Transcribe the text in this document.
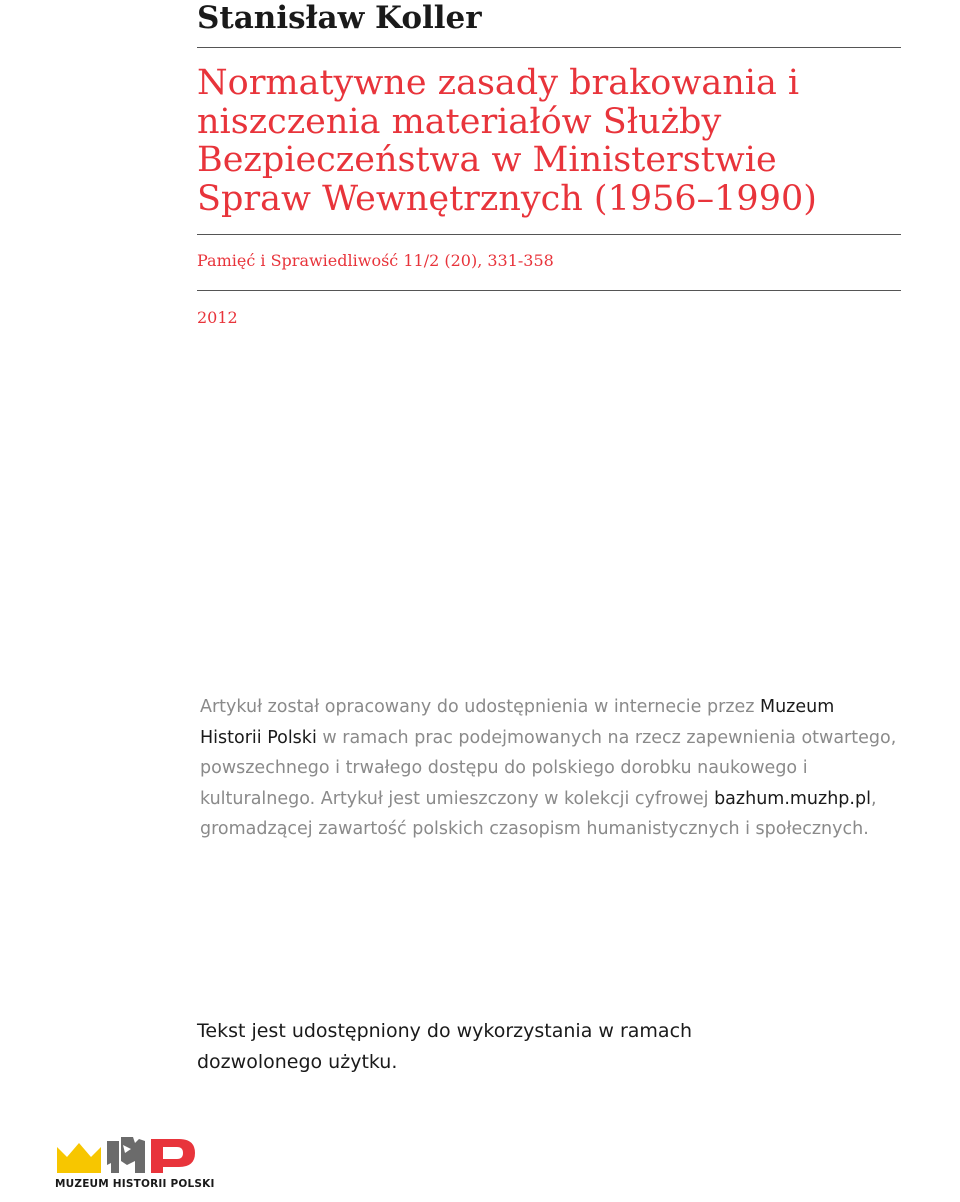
Stanisław Koller
Normatywne zasady brakowania i niszczenia materiałów Służby Bezpieczeństwa w Ministerstwie Spraw Wewnętrznych (1956–1990)
Pamięć i Sprawiedliwość 11/2 (20), 331-358
2012
Artykuł został opracowany do udostępnienia w internecie przez Muzeum Historii Polski w ramach prac podejmowanych na rzecz zapewnienia otwartego, powszechnego i trwałego dostępu do polskiego dorobku naukowego i kulturalnego. Artykuł jest umieszczony w kolekcji cyfrowej bazhum.muzhp.pl, gromadzącej zawartość polskich czasopism humanistycznych i społecznych.
Tekst jest udostępniony do wykorzystania w ramach dozwolonego użytku.
MUZEUM HISTORII POLSKI
